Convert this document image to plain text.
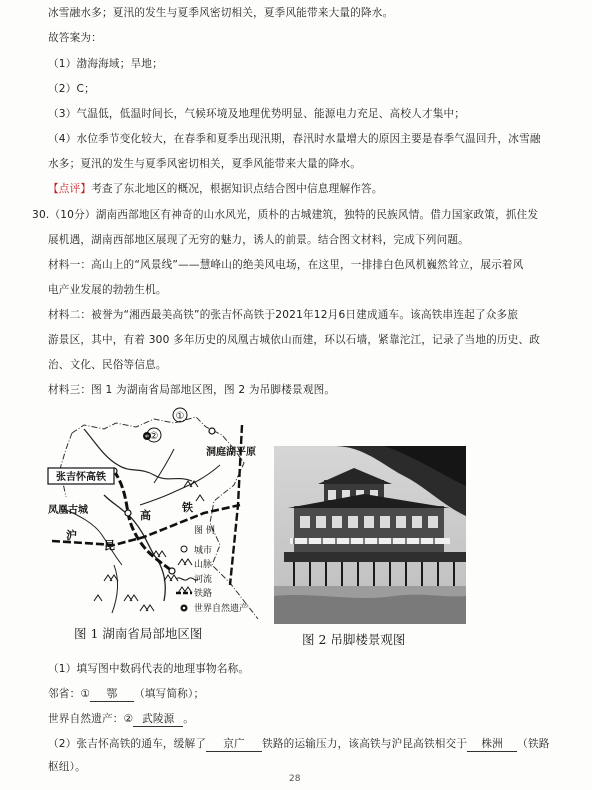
冰雪融水多；夏汛的发生与夏季风密切相关，夏季风能带来大量的降水。
故答案为：
（1）渤海海域；旱地；
（2）C；
（3）气温低，低温时间长，气候环境及地理优势明显、能源电力充足、高校人才集中；
（4）水位季节变化较大，在春季和夏季出现汛期，春汛时水量增大的原因主要是春季气温回升，冰雪融
水多；夏汛的发生与夏季风密切相关，夏季风能带来大量的降水。
【点评】考查了东北地区的概况，根据知识点结合图中信息理解作答。
30.（10分）湖南西部地区有神奇的山水风光，质朴的古城建筑，独特的民族风情。借力国家政策，抓住发
展机遇，湖南西部地区展现了无穷的魅力，诱人的前景。结合图文材料，完成下列问题。
材料一：高山上的“风景线”——慧峰山的绝美风电场，在这里，一排排白色风机巍然耸立，展示着风
电产业发展的勃勃生机。
材料二：被誉为“湘西最美高铁”的张吉怀高铁于2021年12月6日建成通车。该高铁串连起了众多旅
游景区，其中，有着 300 多年历史的凤凰古城依山而建，环以石墙，紧靠沱江，记录了当地的历史、政
治、文化、民俗等信息。
材料三：图 1 为湖南省局部地区图，图 2 为吊脚楼景观图。
①
②
张吉怀高铁
凤凰古城
洞庭湖平原
沪
昆
高
铁
图 例
城市
山脉
河流
铁路
世界自然遗产
图 1 湖南省局部地区图	图 2 吊脚楼景观图
（1）填写图中数码代表的地理事物名称。
邻省：① 鄂 （填写简称）；
世界自然遗产：② 武陵源 。
（2）张吉怀高铁的通车，缓解了 京广 铁路的运输压力，该高铁与沪昆高铁相交于 株洲 （铁路
枢纽）。
28
